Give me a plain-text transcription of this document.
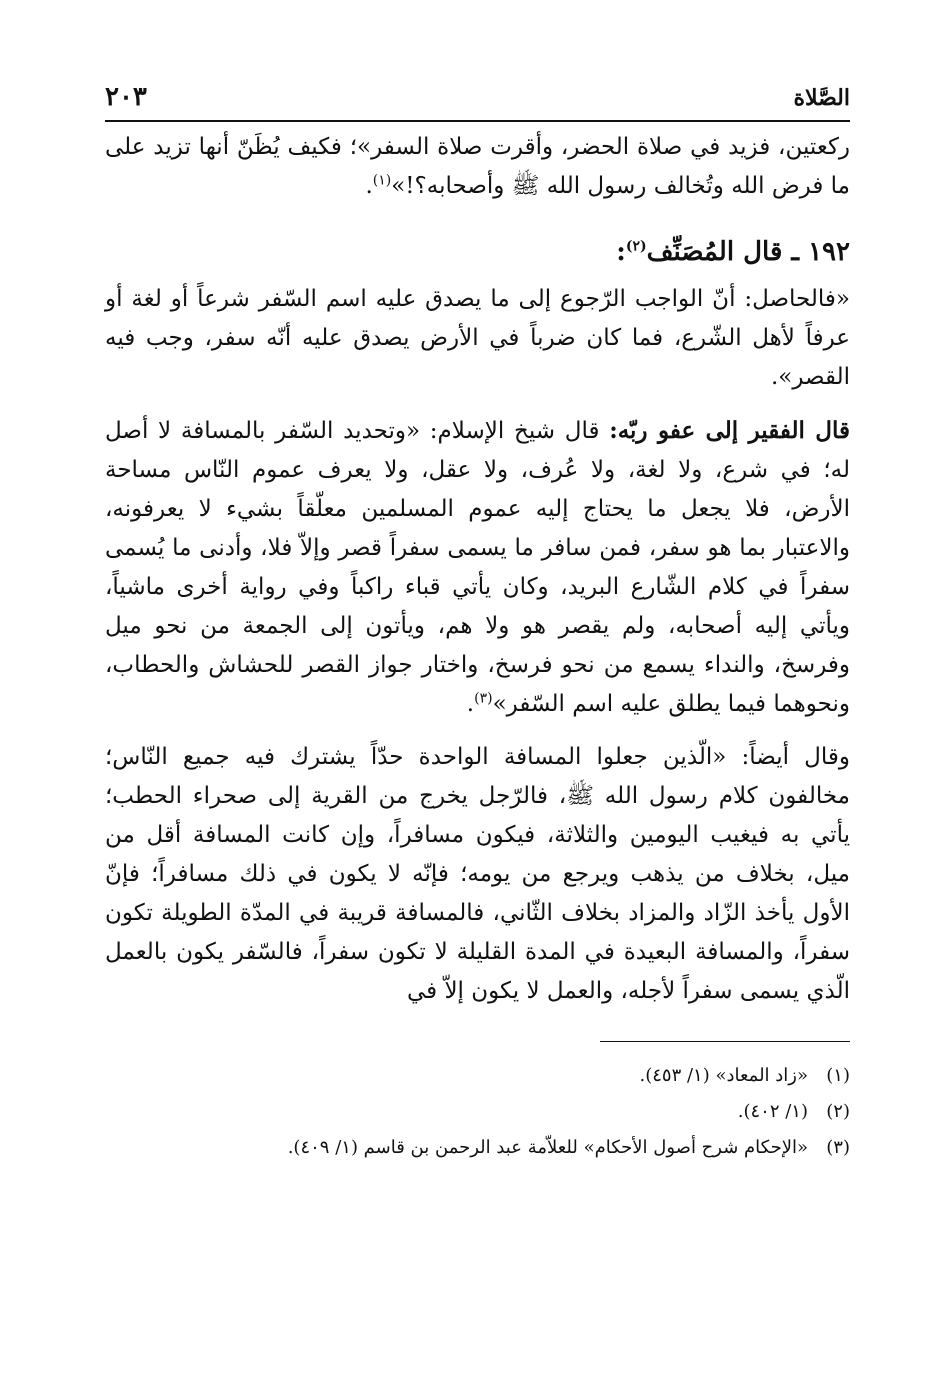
الصَّلاة
٢٠٣

ركعتين، فزيد في صلاة الحضر، وأقرت صلاة السفر»؛ فكيف يُظَنّ أنها تزيد على ما فرض الله وتُخالف رسول الله ﷺ وأصحابه؟!»$^{(١)}$.

١٩٢ ـ قال المُصَنِّف$^{(٢)}$:

«فالحاصل: أنّ الواجب الرّجوع إلى ما يصدق عليه اسم السّفر شرعاً أو لغة أو عرفاً لأهل الشّرع، فما كان ضرباً في الأرض يصدق عليه أنّه سفر، وجب فيه القصر».

قال الفقير إلى عفو ربّه: قال شيخ الإسلام: «وتحديد السّفر بالمسافة لا أصل له؛ في شرع، ولا لغة، ولا عُرف، ولا عقل، ولا يعرف عموم النّاس مساحة الأرض، فلا يجعل ما يحتاج إليه عموم المسلمين معلّقاً بشيء لا يعرفونه، والاعتبار بما هو سفر، فمن سافر ما يسمى سفراً قصر وإلاّ فلا، وأدنى ما يُسمى سفراً في كلام الشّارع البريد، وكان يأتي قباء راكباً وفي رواية أخرى ماشياً، ويأتي إليه أصحابه، ولم يقصر هو ولا هم، ويأتون إلى الجمعة من نحو ميل وفرسخ، والنداء يسمع من نحو فرسخ، واختار جواز القصر للحشاش والحطاب، ونحوهما فيما يطلق عليه اسم السّفر»$^{(٣)}$.

وقال أيضاً: «الّذين جعلوا المسافة الواحدة حدّاً يشترك فيه جميع النّاس؛ مخالفون كلام رسول الله ﷺ، فالرّجل يخرج من القرية إلى صحراء الحطب؛ يأتي به فيغيب اليومين والثلاثة، فيكون مسافراً، وإن كانت المسافة أقل من ميل، بخلاف من يذهب ويرجع من يومه؛ فإنّه لا يكون في ذلك مسافراً؛ فإنّ الأول يأخذ الزّاد والمزاد بخلاف الثّاني، فالمسافة قريبة في المدّة الطويلة تكون سفراً، والمسافة البعيدة في المدة القليلة لا تكون سفراً، فالسّفر يكون بالعمل الّذي يسمى سفراً لأجله، والعمل لا يكون إلاّ في

(١)«زاد المعاد» (١/ ٤٥٣).

(٢)(١/ ٤٠٢).

(٣)«الإحكام شرح أصول الأحكام» للعلاّمة عبد الرحمن بن قاسم (١/ ٤٠٩).
